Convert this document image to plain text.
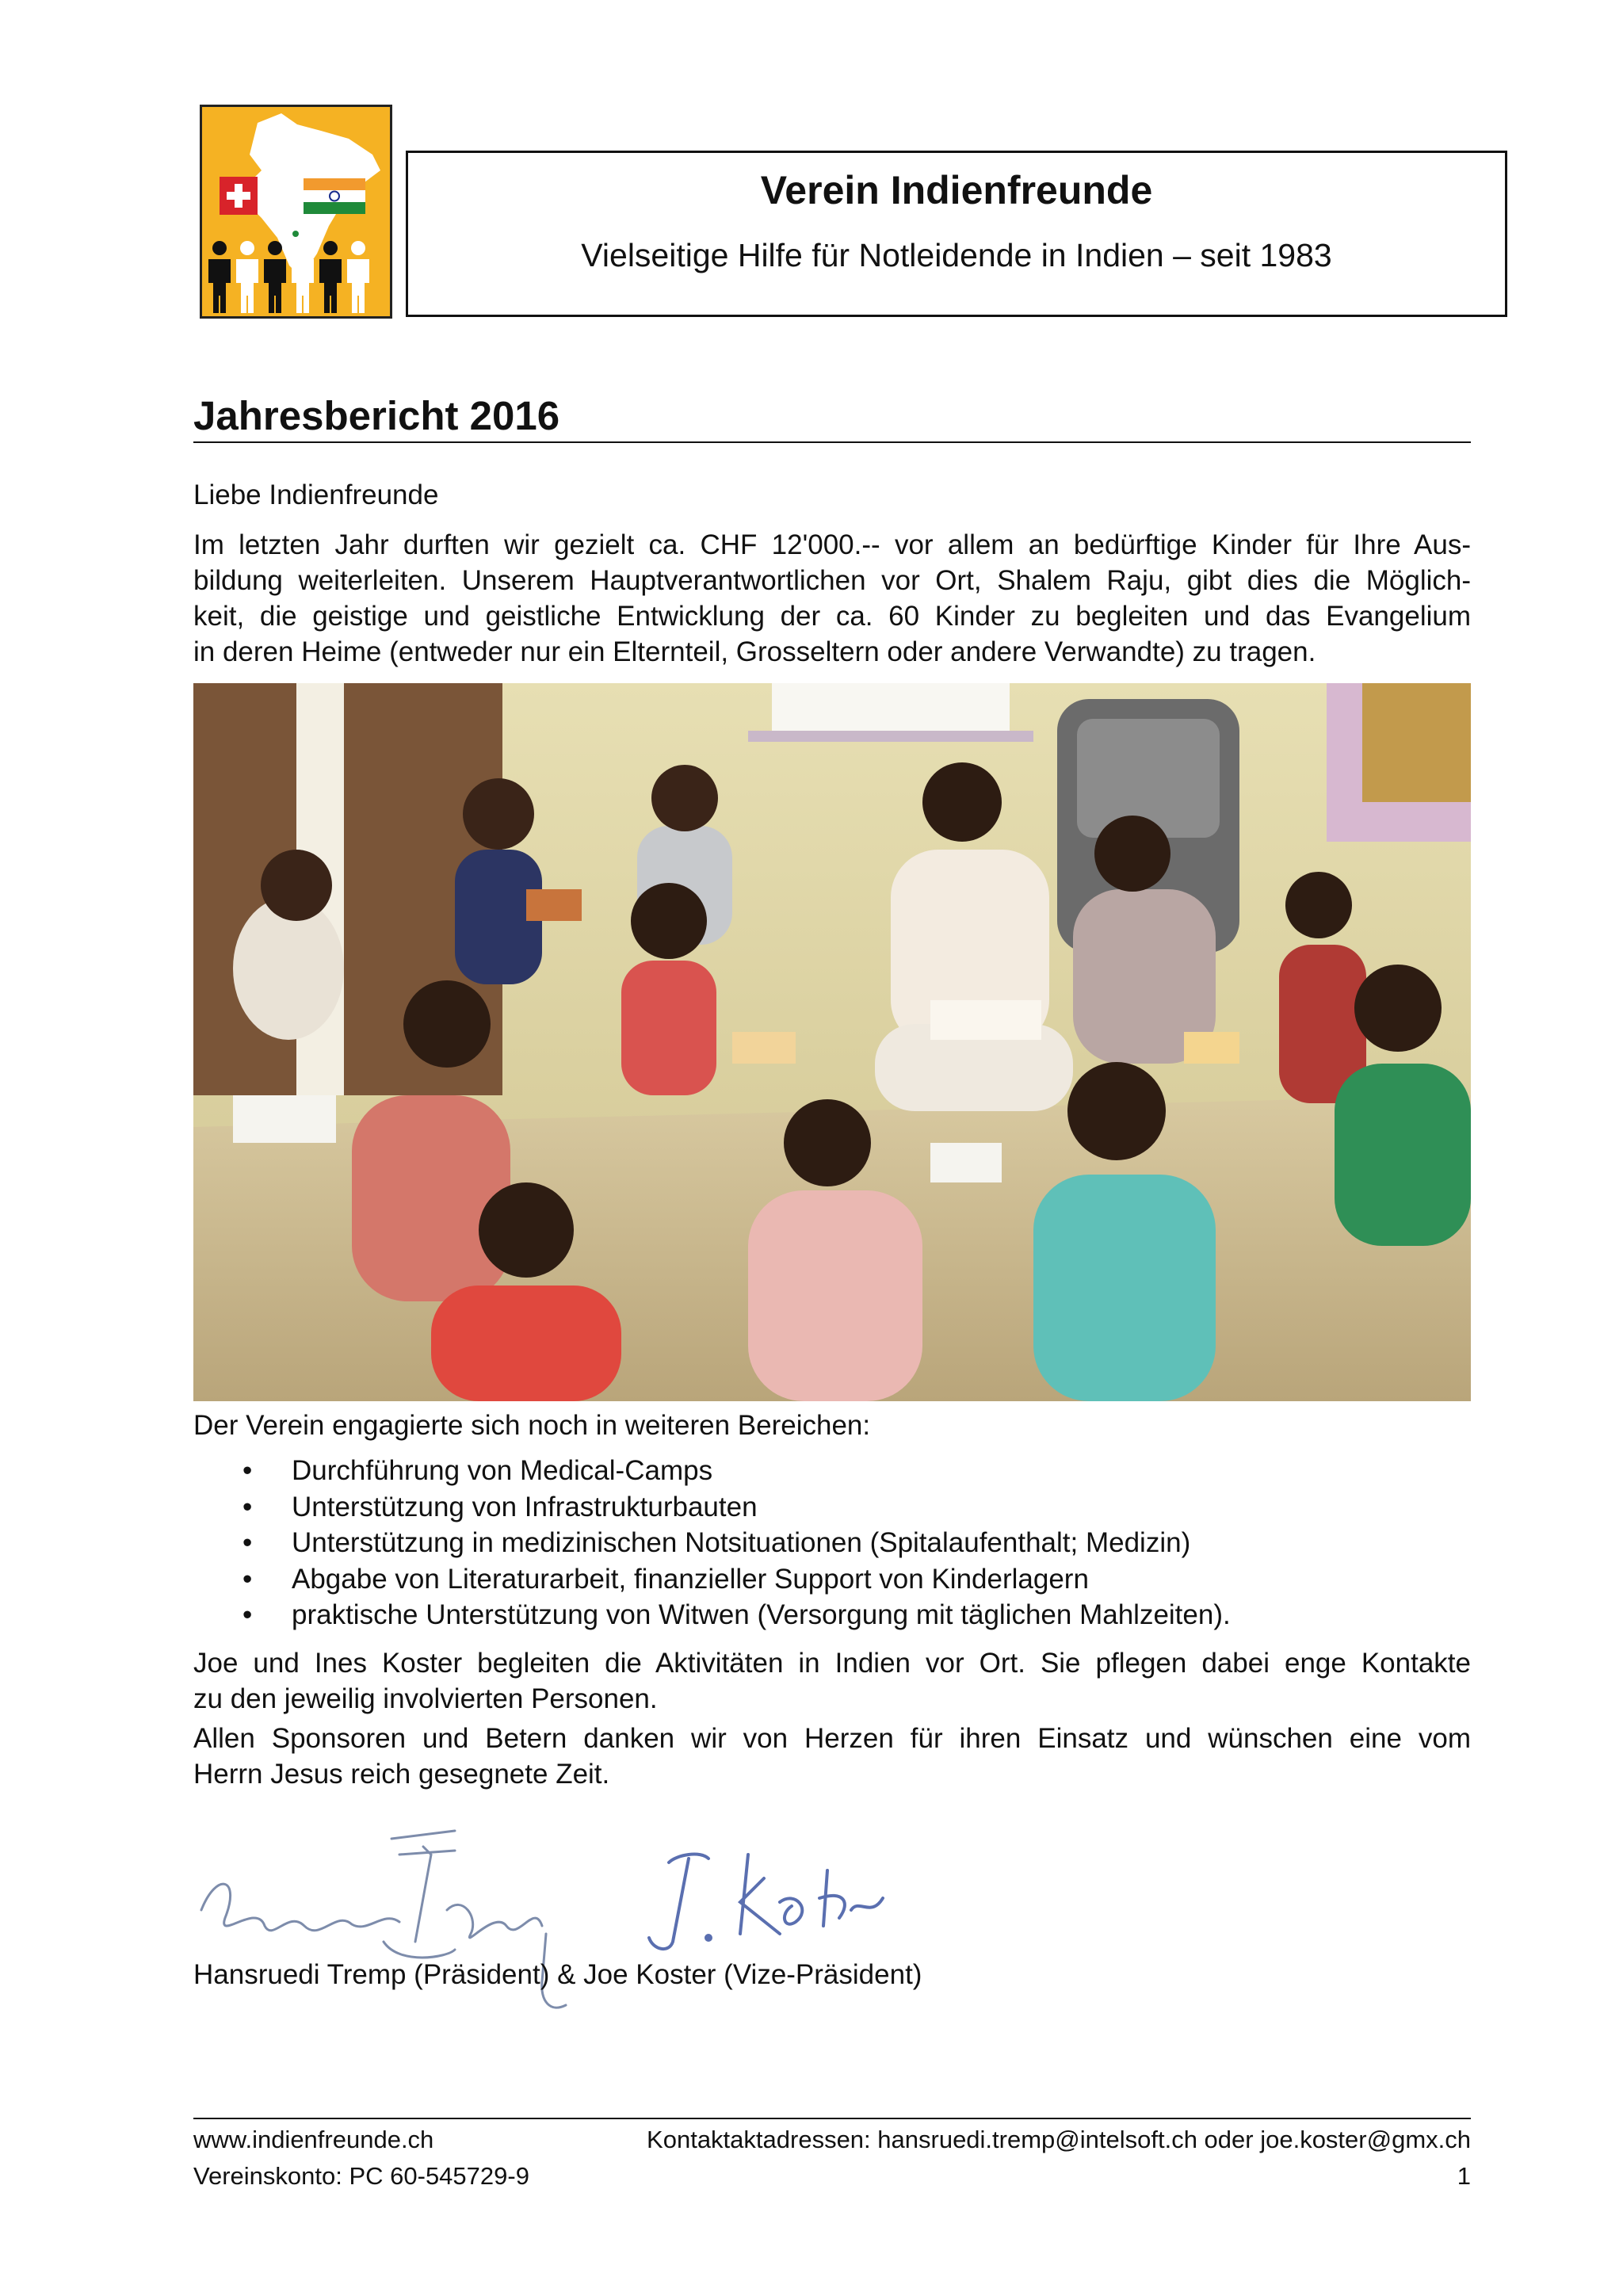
Verein Indienfreunde
Vielseitige Hilfe für Notleidende in Indien – seit 1983
Jahresbericht 2016
Liebe Indienfreunde
Im letzten Jahr durften wir gezielt ca. CHF 12'000.-- vor allem an bedürftige Kinder für Ihre Aus-
bildung weiterleiten. Unserem Hauptverantwortlichen vor Ort, Shalem Raju, gibt dies die Möglich-
keit, die geistige und geistliche Entwicklung der ca. 60 Kinder zu begleiten und das Evangelium
in deren Heime (entweder nur ein Elternteil, Grosseltern oder andere Verwandte) zu tragen.
Der Verein engagierte sich noch in weiteren Bereichen:
• Durchführung von Medical-Camps
• Unterstützung von Infrastrukturbauten
• Unterstützung in medizinischen Notsituationen (Spitalaufenthalt; Medizin)
• Abgabe von Literaturarbeit, finanzieller Support von Kinderlagern
• praktische Unterstützung von Witwen (Versorgung mit täglichen Mahlzeiten).
Joe und Ines Koster begleiten die Aktivitäten in Indien vor Ort. Sie pflegen dabei enge Kontakte
zu den jeweilig involvierten Personen.
Allen Sponsoren und Betern danken wir von Herzen für ihren Einsatz und wünschen eine vom
Herrn Jesus reich gesegnete Zeit.
Hansruedi Tremp (Präsident) & Joe Koster (Vize-Präsident)
www.indienfreunde.ch	Kontaktaktadressen: hansruedi.tremp@intelsoft.ch oder joe.koster@gmx.ch
Vereinskonto: PC 60-545729-9	1
